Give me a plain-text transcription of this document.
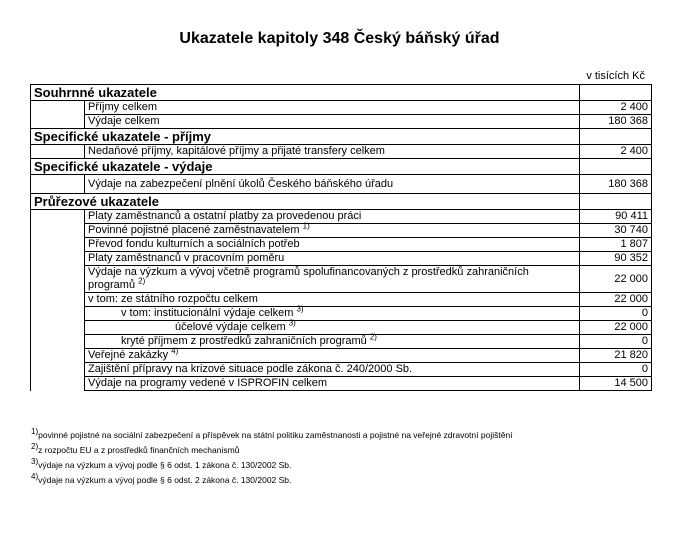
Ukazatele kapitoly 348 Český báňský úřad
v tisících Kč
Souhrnné ukazatele		
	Příjmy celkem	2 400
	Výdaje celkem	180 368
Specifické ukazatele - příjmy		
	Nedaňové příjmy, kapitálové příjmy a přijaté transfery celkem	2 400
Specifické ukazatele - výdaje		
	Výdaje na zabezpečení plnění úkolů Českého báňského úřadu	180 368
Průřezové ukazatele		
	Platy zaměstnanců a ostatní platby za provedenou práci	90 411
	Povinné pojistné placené zaměstnavatelem $^{1)}$	30 740
	Převod fondu kulturních a sociálních potřeb	1 807
	Platy zaměstnanců v pracovním poměru	90 352
	Výdaje na výzkum a vývoj včetně programů spolufinancovaných z prostředků zahraničních programů $^{2)}$	22 000
	v tom: ze státního rozpočtu celkem	22 000
	v tom: institucionální výdaje celkem $^{3)}$	0
	účelové výdaje celkem $^{3)}$	22 000
	kryté příjmem z prostředků zahraničních programů $^{2)}$	0
	Veřejné zakázky $^{4)}$	21 820
	Zajištění přípravy na krizové situace podle zákona č. 240/2000 Sb.	0
	Výdaje na programy vedené v ISPROFIN celkem	14 500
$^{1)}$povinné pojistné na sociální zabezpečení a příspěvek na státní politiku zaměstnanosti a pojistné na veřejné zdravotní pojištění
$^{2)}$z rozpočtu EU a z prostředků finančních mechanismů
$^{3)}$výdaje na výzkum a vývoj podle § 6 odst. 1 zákona č. 130/2002 Sb.
$^{4)}$výdaje na výzkum a vývoj podle § 6 odst. 2 zákona č. 130/2002 Sb.
